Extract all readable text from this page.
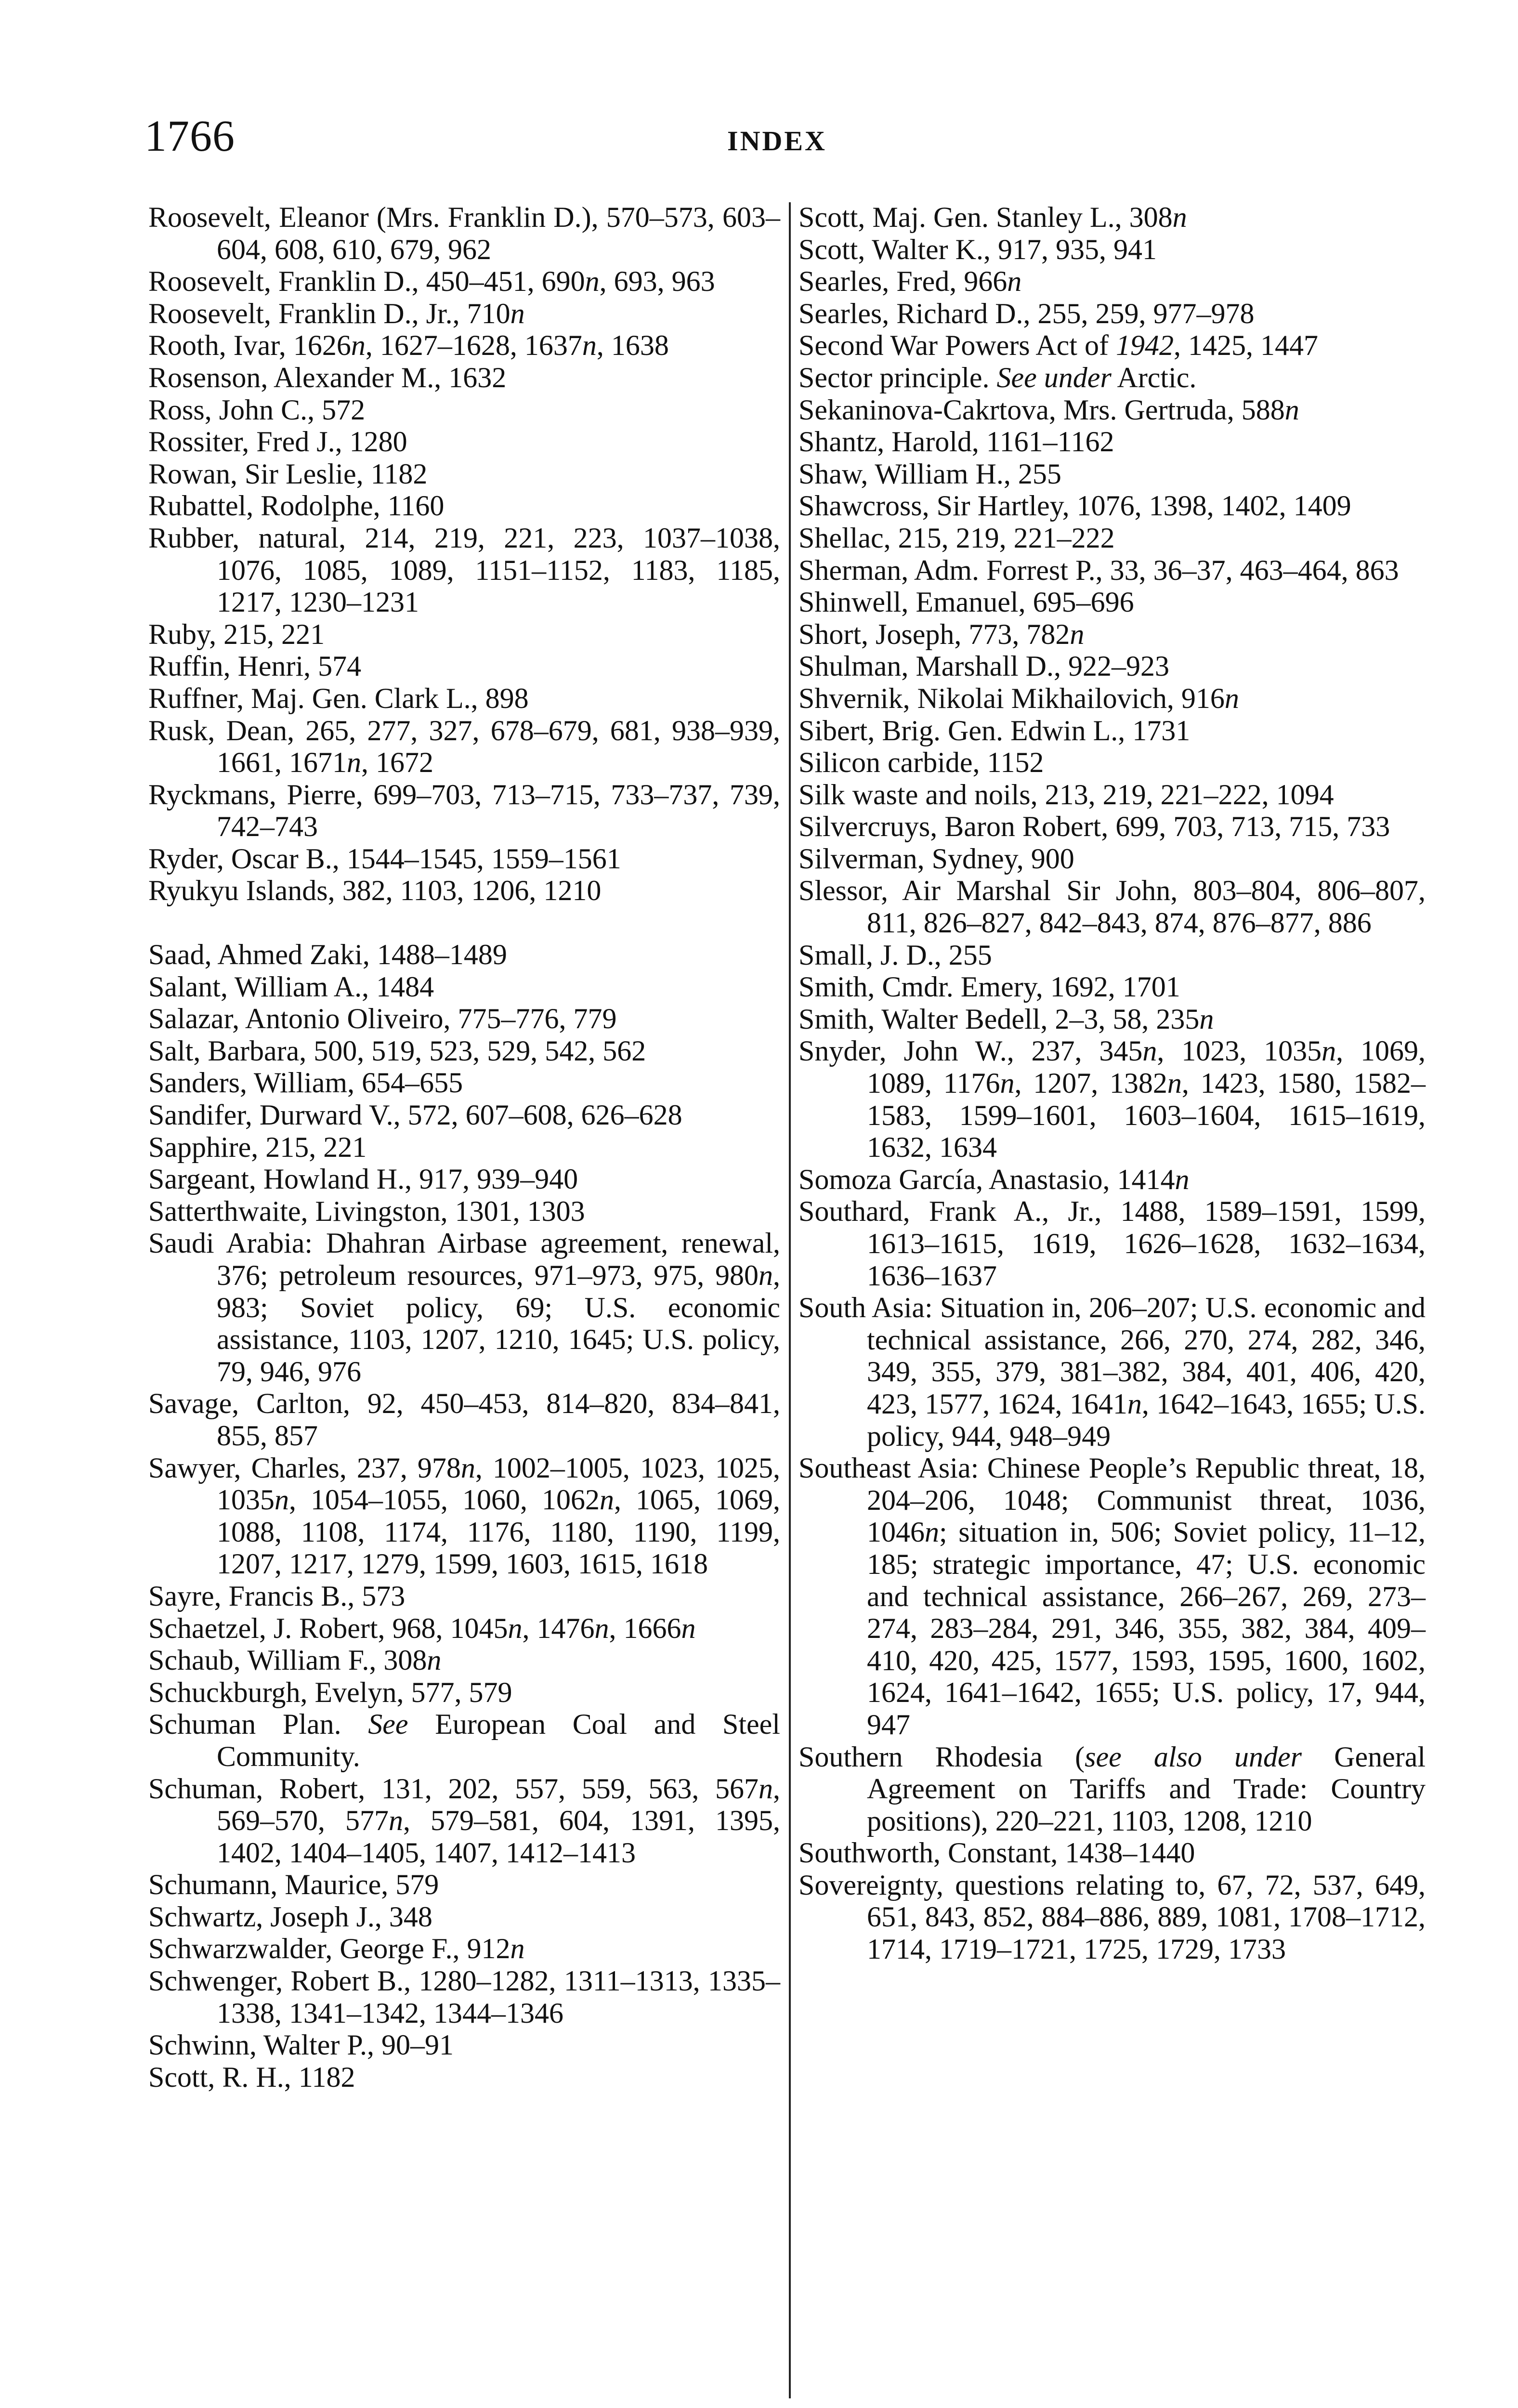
1766	INDEX
Roosevelt, Eleanor (Mrs. Franklin D.), 570–573, 603–604, 608, 610, 679, 962
Roosevelt, Franklin D., 450–451, 690n, 693, 963
Roosevelt, Franklin D., Jr., 710n
Rooth, Ivar, 1626n, 1627–1628, 1637n, 1638
Rosenson, Alexander M., 1632
Ross, John C., 572
Rossiter, Fred J., 1280
Rowan, Sir Leslie, 1182
Rubattel, Rodolphe, 1160
Rubber, natural, 214, 219, 221, 223, 1037–1038, 1076, 1085, 1089, 1151–1152, 1183, 1185, 1217, 1230–1231
Ruby, 215, 221
Ruffin, Henri, 574
Ruffner, Maj. Gen. Clark L., 898
Rusk, Dean, 265, 277, 327, 678–679, 681, 938–939, 1661, 1671n, 1672
Ryckmans, Pierre, 699–703, 713–715, 733–737, 739, 742–743
Ryder, Oscar B., 1544–1545, 1559–1561
Ryukyu Islands, 382, 1103, 1206, 1210
Saad, Ahmed Zaki, 1488–1489
Salant, William A., 1484
Salazar, Antonio Oliveiro, 775–776, 779
Salt, Barbara, 500, 519, 523, 529, 542, 562
Sanders, William, 654–655
Sandifer, Durward V., 572, 607–608, 626–628
Sapphire, 215, 221
Sargeant, Howland H., 917, 939–940
Satterthwaite, Livingston, 1301, 1303
Saudi Arabia: Dhahran Airbase agreement, renewal, 376; petroleum resources, 971–973, 975, 980n, 983; Soviet policy, 69; U.S. economic assistance, 1103, 1207, 1210, 1645; U.S. policy, 79, 946, 976
Savage, Carlton, 92, 450–453, 814–820, 834–841, 855, 857
Sawyer, Charles, 237, 978n, 1002–1005, 1023, 1025, 1035n, 1054–1055, 1060, 1062n, 1065, 1069, 1088, 1108, 1174, 1176, 1180, 1190, 1199, 1207, 1217, 1279, 1599, 1603, 1615, 1618
Sayre, Francis B., 573
Schaetzel, J. Robert, 968, 1045n, 1476n, 1666n
Schaub, William F., 308n
Schuckburgh, Evelyn, 577, 579
Schuman Plan. See European Coal and Steel Community.
Schuman, Robert, 131, 202, 557, 559, 563, 567n, 569–570, 577n, 579–581, 604, 1391, 1395, 1402, 1404–1405, 1407, 1412–1413
Schumann, Maurice, 579
Schwartz, Joseph J., 348
Schwarzwalder, George F., 912n
Schwenger, Robert B., 1280–1282, 1311–1313, 1335–1338, 1341–1342, 1344–1346
Schwinn, Walter P., 90–91
Scott, R. H., 1182
Scott, Maj. Gen. Stanley L., 308n
Scott, Walter K., 917, 935, 941
Searles, Fred, 966n
Searles, Richard D., 255, 259, 977–978
Second War Powers Act of 1942, 1425, 1447
Sector principle. See under Arctic.
Sekaninova-Cakrtova, Mrs. Gertruda, 588n
Shantz, Harold, 1161–1162
Shaw, William H., 255
Shawcross, Sir Hartley, 1076, 1398, 1402, 1409
Shellac, 215, 219, 221–222
Sherman, Adm. Forrest P., 33, 36–37, 463–464, 863
Shinwell, Emanuel, 695–696
Short, Joseph, 773, 782n
Shulman, Marshall D., 922–923
Shvernik, Nikolai Mikhailovich, 916n
Sibert, Brig. Gen. Edwin L., 1731
Silicon carbide, 1152
Silk waste and noils, 213, 219, 221–222, 1094
Silvercruys, Baron Robert, 699, 703, 713, 715, 733
Silverman, Sydney, 900
Slessor, Air Marshal Sir John, 803–804, 806–807, 811, 826–827, 842–843, 874, 876–877, 886
Small, J. D., 255
Smith, Cmdr. Emery, 1692, 1701
Smith, Walter Bedell, 2–3, 58, 235n
Snyder, John W., 237, 345n, 1023, 1035n, 1069, 1089, 1176n, 1207, 1382n, 1423, 1580, 1582–1583, 1599–1601, 1603–1604, 1615–1619, 1632, 1634
Somoza García, Anastasio, 1414n
Southard, Frank A., Jr., 1488, 1589–1591, 1599, 1613–1615, 1619, 1626–1628, 1632–1634, 1636–1637
South Asia: Situation in, 206–207; U.S. economic and technical assistance, 266, 270, 274, 282, 346, 349, 355, 379, 381–382, 384, 401, 406, 420, 423, 1577, 1624, 1641n, 1642–1643, 1655; U.S. policy, 944, 948–949
Southeast Asia: Chinese People’s Republic threat, 18, 204–206, 1048; Communist threat, 1036, 1046n; situation in, 506; Soviet policy, 11–12, 185; strategic importance, 47; U.S. economic and technical assistance, 266–267, 269, 273–274, 283–284, 291, 346, 355, 382, 384, 409–410, 420, 425, 1577, 1593, 1595, 1600, 1602, 1624, 1641–1642, 1655; U.S. policy, 17, 944, 947
Southern Rhodesia (see also under General Agreement on Tariffs and Trade: Country positions), 220–221, 1103, 1208, 1210
Southworth, Constant, 1438–1440
Sovereignty, questions relating to, 67, 72, 537, 649, 651, 843, 852, 884–886, 889, 1081, 1708–1712, 1714, 1719–1721, 1725, 1729, 1733
